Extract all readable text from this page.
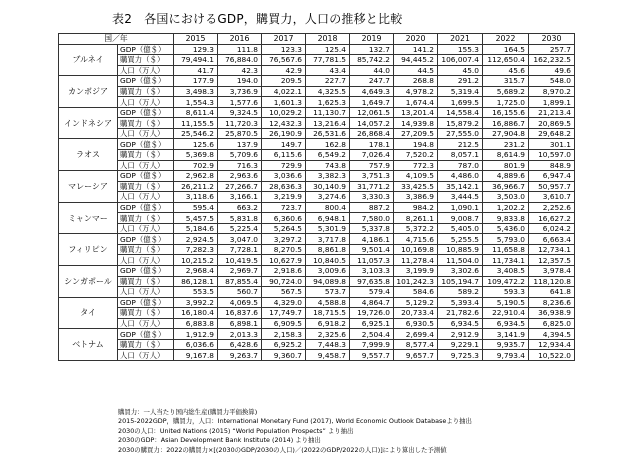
表2　各国におけるGDP，購買力，人口の推移と比較
国／年		2015	2016	2017	2018	2019	2020	2021	2022	2030
ブルネイ	GDP（億＄）	129.3	111.8	123.3	125.4	132.7	141.2	155.3	164.5	257.7
	購買力（＄）	79,494.1	76,884.0	76,567.6	77,781.5	85,742.2	94,445.2	106,007.4	112,650.4	162,232.5
	人口（万人）	41.7	42.3	42.9	43.4	44.0	44.5	45.0	45.6	49.6
カンボジア	GDP（億＄）	177.9	194.0	209.5	227.7	247.7	268.8	291.2	315.7	548.0
	購買力（＄）	3,498.3	3,736.9	4,022.1	4,325.5	4,649.3	4,978.2	5,319.4	5,689.2	8,970.2
	人口（万人）	1,554.3	1,577.6	1,601.3	1,625.3	1,649.7	1,674.4	1,699.5	1,725.0	1,899.1
インドネシア	GDP（億＄）	8,611.4	9,324.5	10,029.2	11,130.7	12,061.5	13,201.4	14,558.4	16,155.6	21,213.4
	購買力（＄）	11,155.5	11,720.3	12,432.3	13,216.4	14,057.2	14,939.8	15,879.2	16,886.7	20,869.5
	人口（万人）	25,546.2	25,870.5	26,190.9	26,531.6	26,868.4	27,209.5	27,555.0	27,904.8	29,648.2
ラオス	GDP（億＄）	125.6	137.9	149.7	162.8	178.1	194.8	212.5	231.2	301.1
	購買力（＄）	5,369.8	5,709.6	6,115.6	6,549.2	7,026.4	7,520.2	8,057.1	8,614.9	10,597.0
	人口（万人）	702.9	716.3	729.9	743.8	757.9	772.3	787.0	801.9	848.9
マレーシア	GDP（億＄）	2,962.8	2,963.6	3,036.6	3,382.3	3,751.3	4,109.5	4,486.0	4,889.6	6,947.4
	購買力（＄）	26,211.2	27,266.7	28,636.3	30,140.9	31,771.2	33,425.5	35,142.1	36,966.7	50,957.7
	人口（万人）	3,118.6	3,166.1	3,219.9	3,274.6	3,330.3	3,386.9	3,444.5	3,503.0	3,610.7
ミャンマー	GDP（億＄）	595.4	663.2	723.7	800.4	887.2	984.2	1,090.1	1,202.2	2,252.6
	購買力（＄）	5,457.5	5,831.8	6,360.6	6,948.1	7,580.0	8,261.1	9,008.7	9,833.8	16,627.2
	人口（万人）	5,184.6	5,225.4	5,264.5	5,301.9	5,337.8	5,372.2	5,405.0	5,436.0	6,024.2
フィリピン	GDP（億＄）	2,924.5	3,047.0	3,297.2	3,717.8	4,186.1	4,715.6	5,255.5	5,793.0	6,663.4
	購買力（＄）	7,282.3	7,728.1	8,270.5	8,861.8	9,501.4	10,169.8	10,885.9	11,658.8	12,734.1
	人口（万人）	10,215.2	10,419.5	10,627.9	10,840.5	11,057.3	11,278.4	11,504.0	11,734.1	12,357.5
シンガポール	GDP（億＄）	2,968.4	2,969.7	2,918.6	3,009.6	3,103.3	3,199.9	3,302.6	3,408.5	3,978.4
	購買力（＄）	86,128.1	87,855.4	90,724.0	94,089.8	97,635.8	101,242.3	105,194.7	109,472.2	118,120.8
	人口（万人）	553.5	560.7	567.5	573.7	579.4	584.6	589.2	593.3	641.8
タイ	GDP（億＄）	3,992.2	4,069.5	4,329.0	4,588.8	4,864.7	5,129.2	5,393.4	5,190.5	8,236.6
	購買力（＄）	16,180.4	16,837.6	17,749.7	18,715.5	19,726.0	20,733.4	21,782.6	22,910.4	36,938.9
	人口（万人）	6,883.8	6,898.1	6,909.5	6,918.2	6,925.1	6,930.5	6,934.5	6,934.5	6,825.0
ベトナム	GDP（億＄）	1,912.9	2,013.3	2,158.3	2,325.6	2,504.4	2,699.4	2,912.9	3,141.9	4,394.5
	購買力（＄）	6,036.6	6,428.6	6,925.2	7,448.3	7,999.9	8,577.4	9,229.1	9,935.7	12,934.4
	人口（万人）	9,167.8	9,263.7	9,360.7	9,458.7	9,557.7	9,657.7	9,725.3	9,793.4	10,522.0
購買力：一人当たり国内総生産(購買力平価換算)
2015-2022GDP，購買力，人口：International Monetary Fund (2017), World Economic Outlook Databaseより抽出
2030の人口：United Nations (2015) “World Population Prospects” より抽出
2030のGDP：Asian Development Bank Institute (2014) より抽出
2030の購買力：2022の購買力×[(2030のGDP/2030の人口)／(2022のGDP/2022の人口)]により算出した予測値
